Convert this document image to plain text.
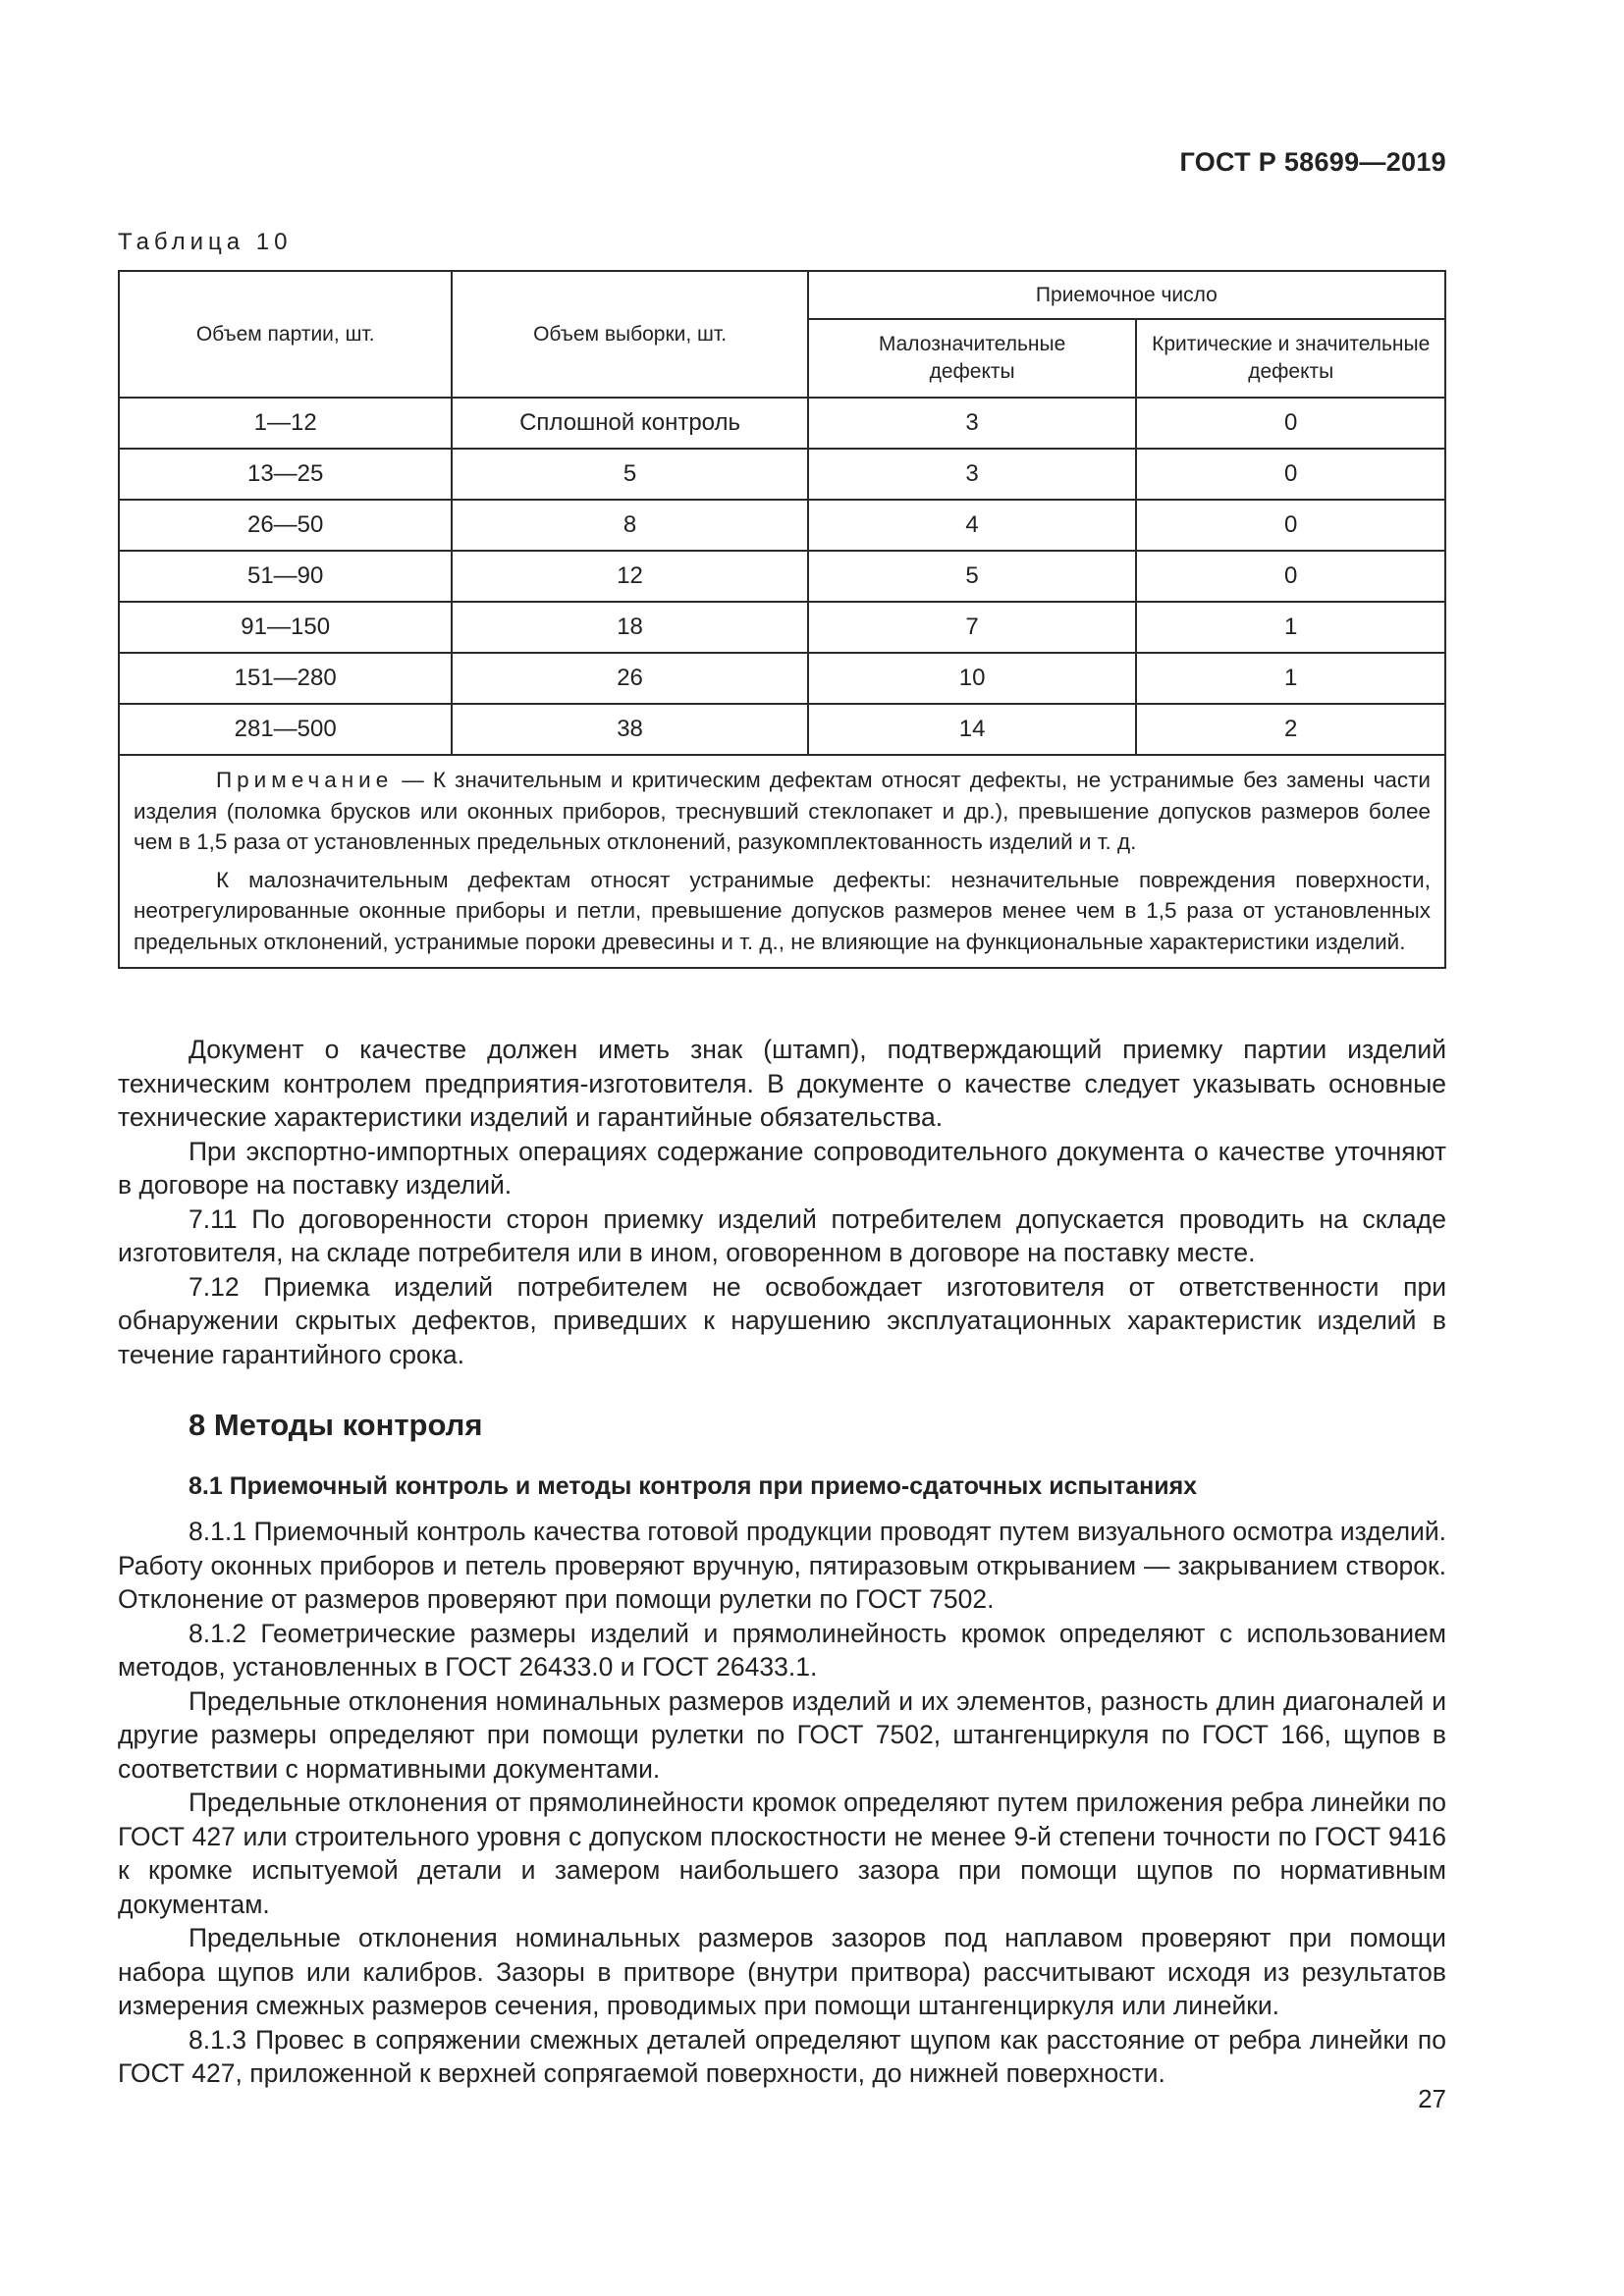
ГОСТ Р 58699—2019
Таблица 10
Объем партии, шт.	Объем выборки, шт.	Приемочное число	

		Малозначительные дефекты	Критические и значительные дефекты

1—12	Сплошной контроль	3	0
13—25	5	3	0
26—50	8	4	0
51—90	12	5	0
91—150	18	7	1
151—280	26	10	1
281—500	38	14	2

Примечание — К значительным и критическим дефектам относят дефекты, не устранимые без замены части изделия (поломка брусков или оконных приборов, треснувший стеклопакет и др.), превышение допусков размеров более чем в 1,5 раза от установленных предельных отклонений, разукомплектованность изделий и т. д.

К малозначительным дефектам относят устранимые дефекты: незначительные повреждения поверхности, неотрегулированные оконные приборы и петли, превышение допусков размеров менее чем в 1,5 раза от установленных предельных отклонений, устранимые пороки древесины и т. д., не влияющие на функциональные характеристики изделий.			

Документ о качестве должен иметь знак (штамп), подтверждающий приемку партии изделий техническим контролем предприятия-изготовителя. В документе о качестве следует указывать основные технические характеристики изделий и гарантийные обязательства.

При экспортно-импортных операциях содержание сопроводительного документа о качестве уточняют в договоре на поставку изделий.

7.11 По договоренности сторон приемку изделий потребителем допускается проводить на складе изготовителя, на складе потребителя или в ином, оговоренном в договоре на поставку месте.

7.12 Приемка изделий потребителем не освобождает изготовителя от ответственности при обнаружении скрытых дефектов, приведших к нарушению эксплуатационных характеристик изделий в течение гарантийного срока.

8 Методы контроля
8.1 Приемочный контроль и методы контроля при приемо-сдаточных испытаниях

8.1.1 Приемочный контроль качества готовой продукции проводят путем визуального осмотра изделий. Работу оконных приборов и петель проверяют вручную, пятиразовым открыванием — закрыванием створок. Отклонение от размеров проверяют при помощи рулетки по ГОСТ 7502.

8.1.2 Геометрические размеры изделий и прямолинейность кромок определяют с использованием методов, установленных в ГОСТ 26433.0 и ГОСТ 26433.1.

Предельные отклонения номинальных размеров изделий и их элементов, разность длин диагоналей и другие размеры определяют при помощи рулетки по ГОСТ 7502, штангенциркуля по ГОСТ 166, щупов в соответствии с нормативными документами.

Предельные отклонения от прямолинейности кромок определяют путем приложения ребра линейки по ГОСТ 427 или строительного уровня с допуском плоскостности не менее 9-й степени точности по ГОСТ 9416 к кромке испытуемой детали и замером наибольшего зазора при помощи щупов по нормативным документам.

Предельные отклонения номинальных размеров зазоров под наплавом проверяют при помощи набора щупов или калибров. Зазоры в притворе (внутри притвора) рассчитывают исходя из результатов измерения смежных размеров сечения, проводимых при помощи штангенциркуля или линейки.

8.1.3 Провес в сопряжении смежных деталей определяют щупом как расстояние от ребра линейки по ГОСТ 427, приложенной к верхней сопрягаемой поверхности, до нижней поверхности.

27
